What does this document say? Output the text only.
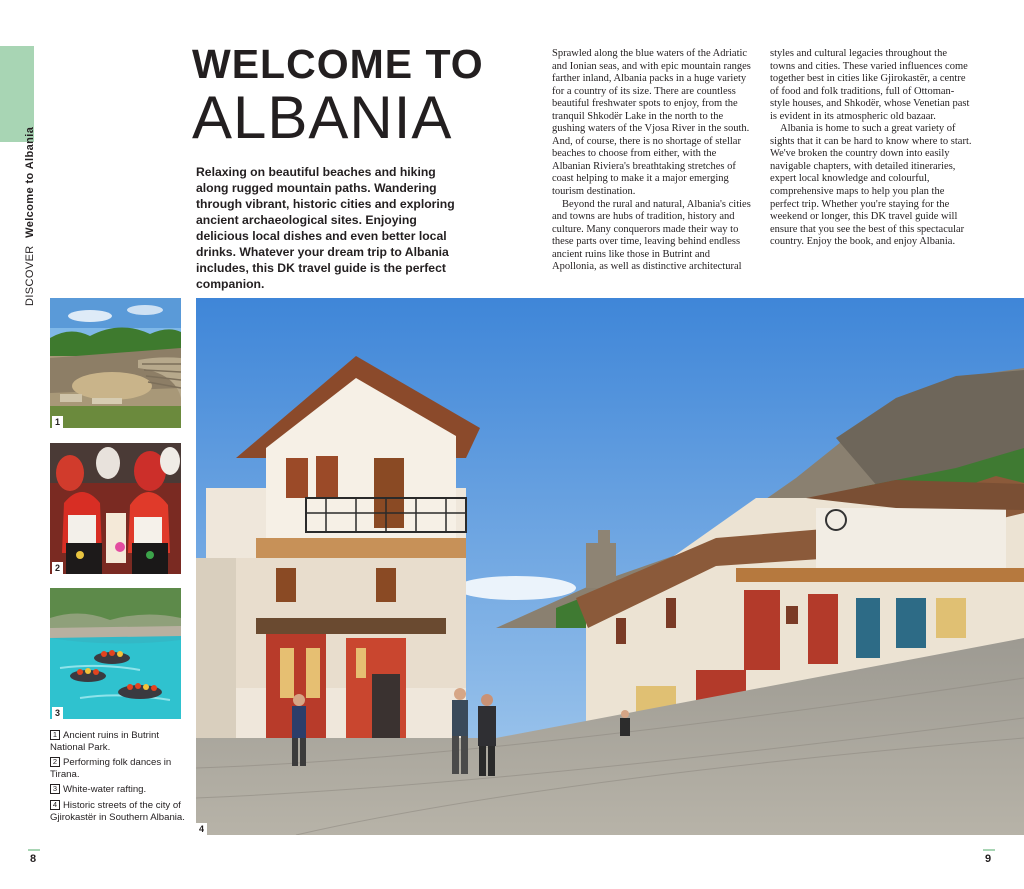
DISCOVER Welcome to Albania
WELCOME TO
ALBANIA

Relaxing on beautiful beaches and hiking along rugged mountain paths. Wandering through vibrant, historic cities and exploring ancient archaeological sites. Enjoying delicious local dishes and even better local drinks. Whatever your dream trip to Albania includes, this DK travel guide is the perfect companion.

Sprawled along the blue waters of the Adriatic and Ionian seas, and with epic mountain ranges farther inland, Albania packs in a huge variety for a country of its size. There are countless beautiful freshwater spots to enjoy, from the tranquil Shkodër Lake in the north to the gushing waters of the Vjosa River in the south. And, of course, there is no shortage of stellar beaches to choose from either, with the Albanian Riviera's breathtaking stretches of coast helping to make it a major emerging tourism destination.

Beyond the rural and natural, Albania's cities and towns are hubs of tradition, history and culture. Many conquerors made their way to these parts over time, leaving behind endless ancient ruins like those in Butrint and Apollonia, as well as distinctive architectural

styles and cultural legacies throughout the towns and cities. These varied influences come together best in cities like Gjirokastër, a centre of food and folk traditions, full of Ottoman-style houses, and Shkodër, whose Venetian past is evident in its atmospheric old bazaar.

Albania is home to such a great variety of sights that it can be hard to know where to start. We've broken the country down into easily navigable chapters, with detailed itineraries, expert local knowledge and colourful, comprehensive maps to help you plan the perfect trip. Whether you're staying for the weekend or longer, this DK travel guide will ensure that you see the best of this spectacular country. Enjoy the book, and enjoy Albania.

1
2
3
1 Ancient ruins in Butrint National Park.
2 Performing folk dances in Tirana.
3 White-water rafting.
4 Historic streets of the city of Gjirokastër in Southern Albania.
4
8	9
